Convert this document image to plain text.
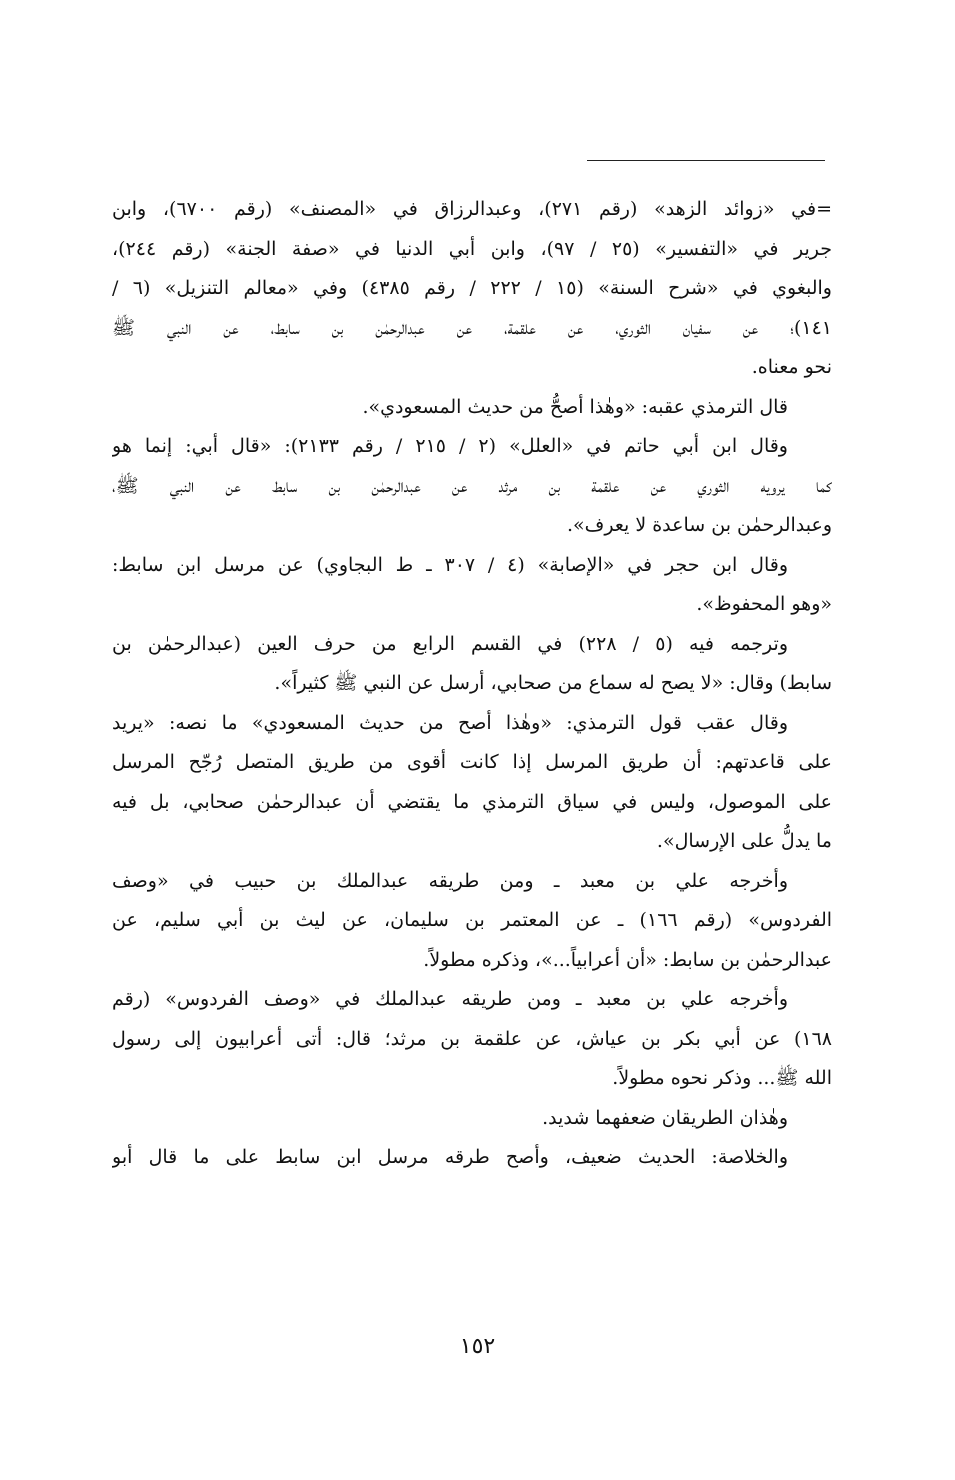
=في «زوائد الزهد» (رقم ٢٧١)، وعبدالرزاق في «المصنف» (رقم ٦٧٠٠)، وابن
جرير في «التفسير» (٢٥ / ٩٧)، وابن أبي الدنيا في «صفة الجنة» (رقم ٢٤٤)،
والبغوي في «شرح السنة» (١٥ / ٢٢٢ / رقم ٤٣٨٥) وفي «معالم التنزيل» (٦ /
١٤١)؛ عن سفيان الثوري، عن علقمة، عن عبدالرحمٰن بن سابط، عن النبي ﷺ
نحو معناه.
قال الترمذي عقبه: «وهٰذا أصحُّ من حديث المسعودي».
وقال ابن أبي حاتم في «العلل» (٢ / ٢١٥ / رقم ٢١٣٣): «قال أبي: إنما هو
كما يرويه الثوري عن علقمة بن مرثد عن عبدالرحمٰن بن سابط عن النبي ﷺ،
وعبدالرحمٰن بن ساعدة لا يعرف».
وقال ابن حجر في «الإصابة» (٤ / ٣٠٧ ـ ط البجاوي) عن مرسل ابن سابط:
«وهو المحفوظ».
وترجمه فيه (٥ / ٢٢٨) في القسم الرابع من حرف العين (عبدالرحمٰن بن
سابط) وقال: «لا يصح له سماع من صحابي، أرسل عن النبي ﷺ كثيراً».
وقال عقب قول الترمذي: «وهٰذا أصح من حديث المسعودي» ما نصه: «يريد
على قاعدتهم: أن طريق المرسل إذا كانت أقوى من طريق المتصل رُجّح المرسل
على الموصول، وليس في سياق الترمذي ما يقتضي أن عبدالرحمٰن صحابي، بل فيه
ما يدلُّ على الإرسال».
وأخرجه علي بن معبد ـ ومن طريقه عبدالملك بن حبيب في «وصف
الفردوس» (رقم ١٦٦) ـ عن المعتمر بن سليمان، عن ليث بن أبي سليم، عن
عبدالرحمٰن بن سابط: «أن أعرابياً...»، وذكره مطولاً.
وأخرجه علي بن معبد ـ ومن طريقه عبدالملك في «وصف الفردوس» (رقم
١٦٨) عن أبي بكر بن عياش، عن علقمة بن مرثد؛ قال: أتى أعرابيون إلى رسول
الله ﷺ... وذكر نحوه مطولاً.
وهٰذان الطريقان ضعفهما شديد.
والخلاصة: الحديث ضعيف، وأصح طرقه مرسل ابن سابط على ما قال أبو
١٥٢
